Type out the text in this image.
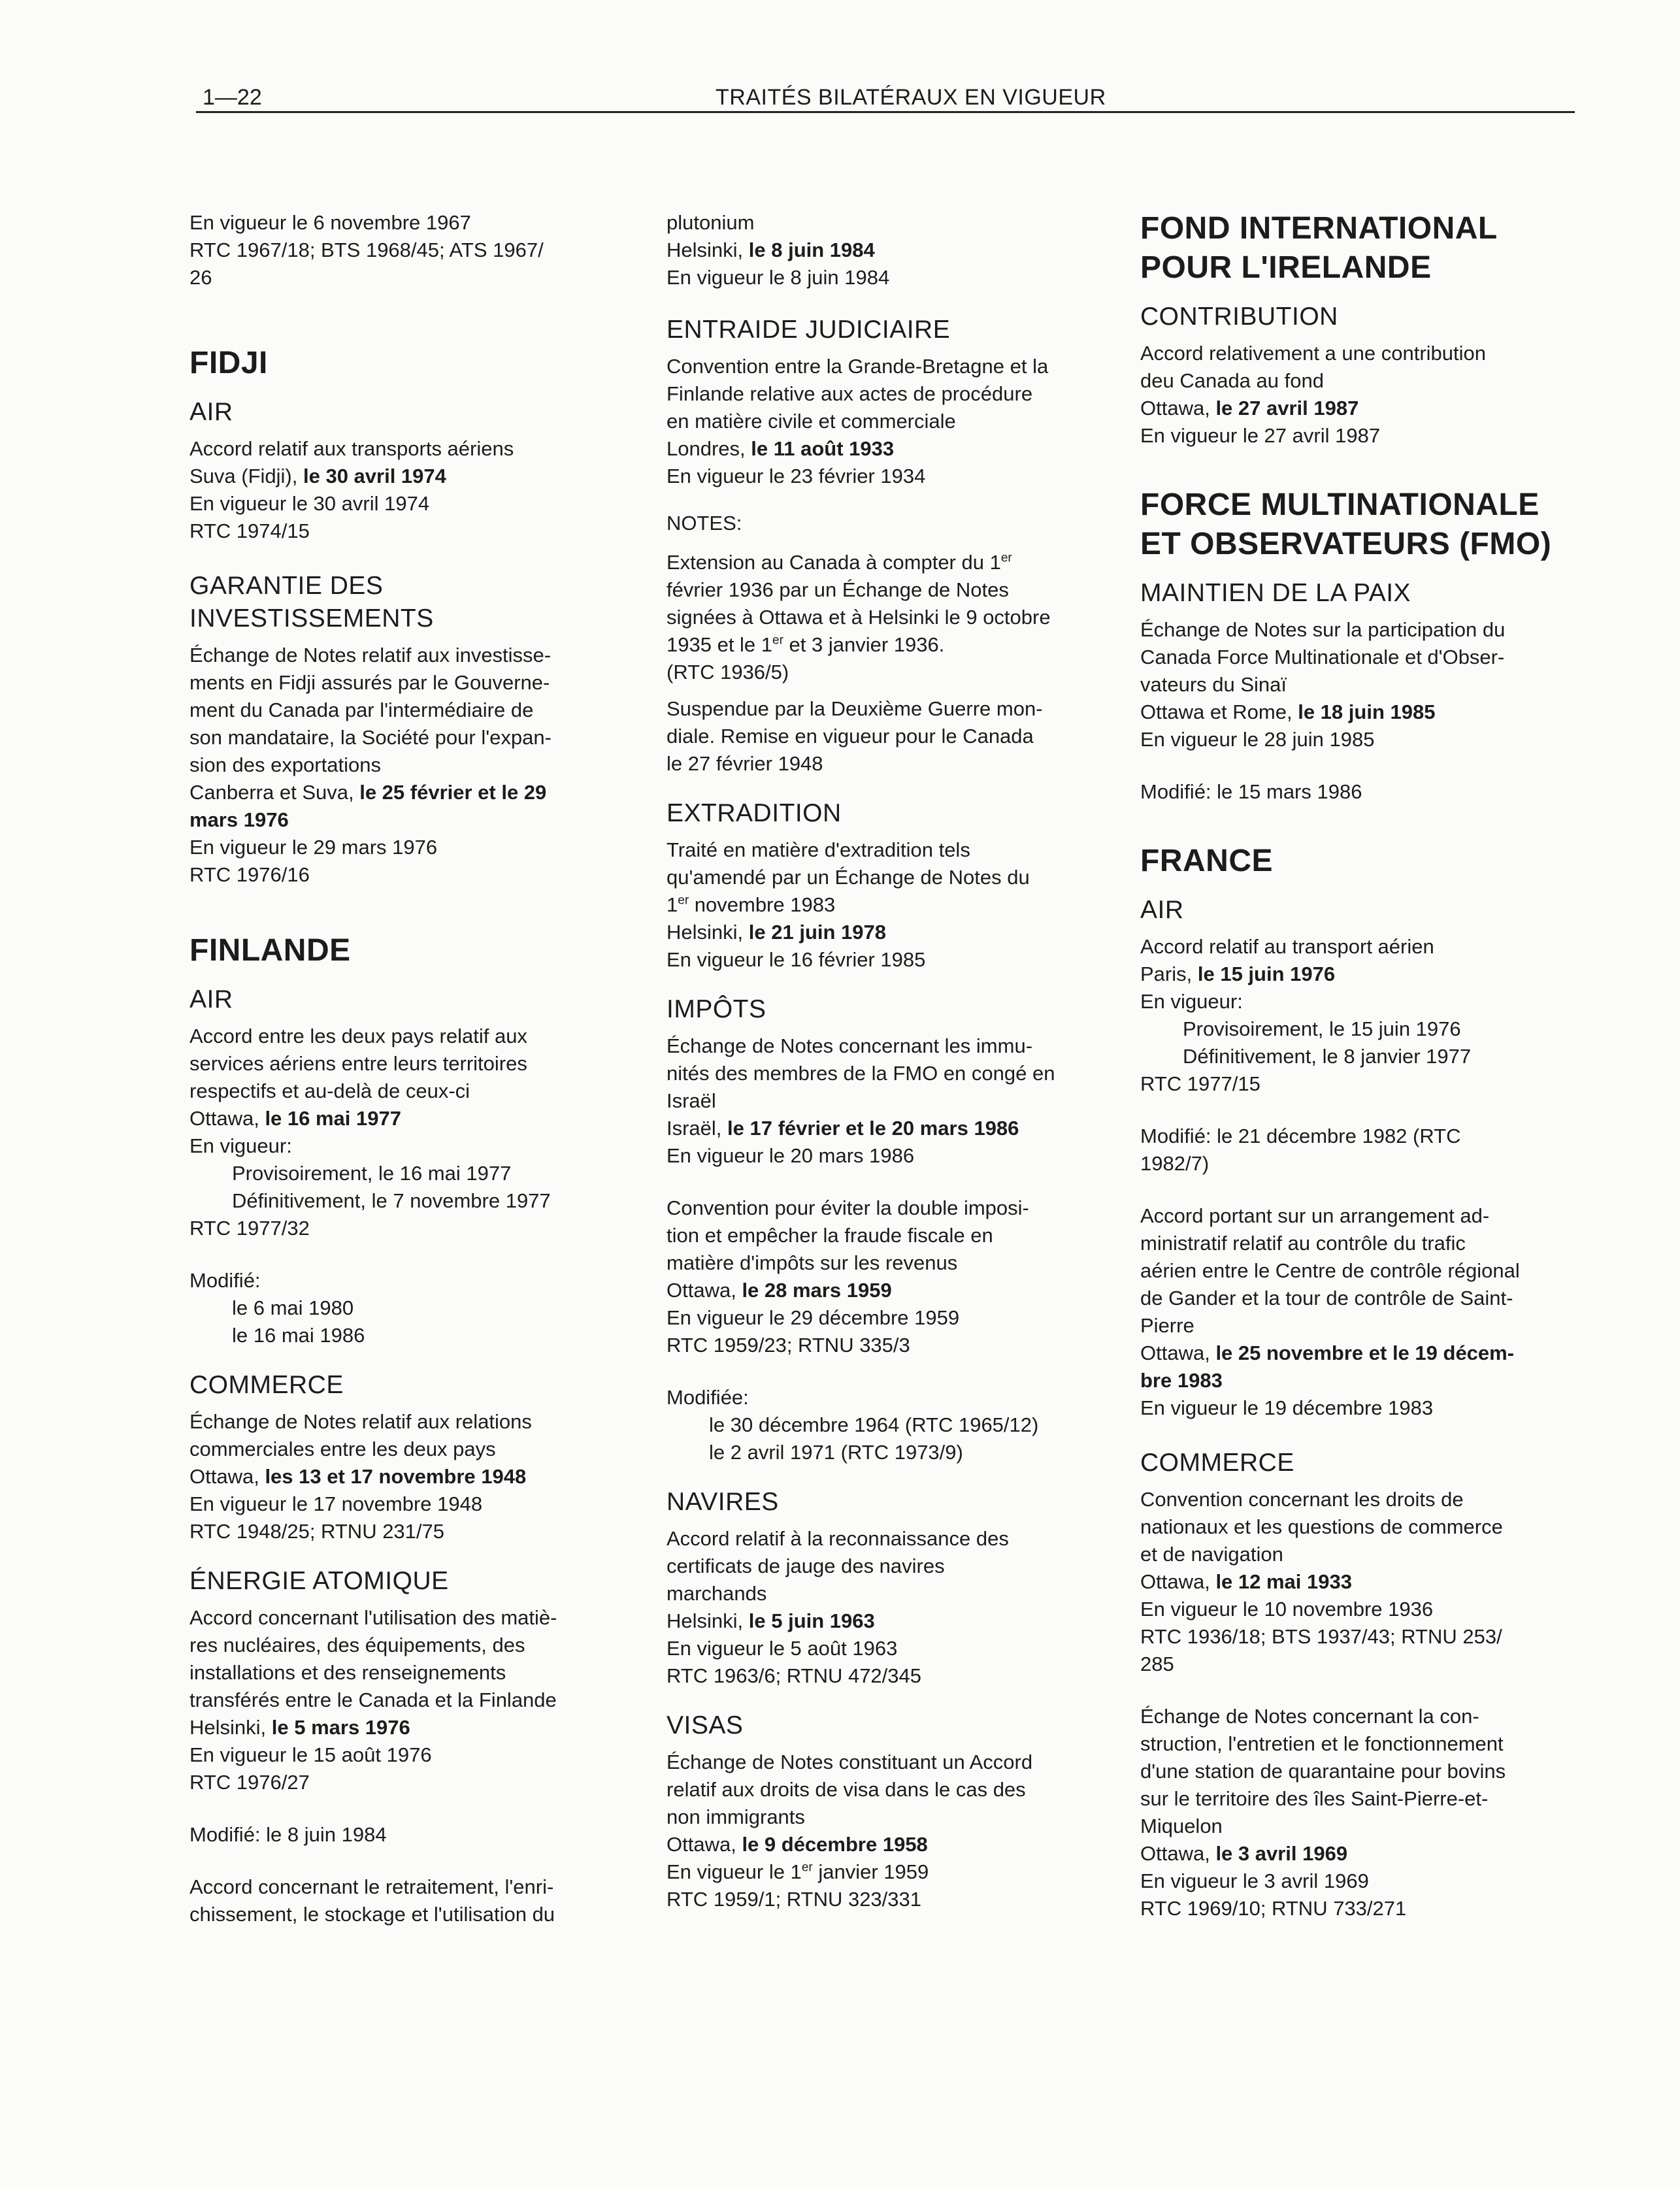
1—22	TRAITÉS BILATÉRAUX EN VIGUEUR
En vigueur le 6 novembre 1967
RTC 1967/18; BTS 1968/45; ATS 1967/
26
FIDJI
AIR
Accord relatif aux transports aériens
Suva (Fidji), le 30 avril 1974
En vigueur le 30 avril 1974
RTC 1974/15
GARANTIE DES
INVESTISSEMENTS
Échange de Notes relatif aux investisse-
ments en Fidji assurés par le Gouverne-
ment du Canada par l'intermédiaire de
son mandataire, la Société pour l'expan-
sion des exportations
Canberra et Suva, le 25 février et le 29
mars 1976
En vigueur le 29 mars 1976
RTC 1976/16
FINLANDE
AIR
Accord entre les deux pays relatif aux
services aériens entre leurs territoires
respectifs et au-delà de ceux-ci
Ottawa, le 16 mai 1977
En vigueur:
Provisoirement, le 16 mai 1977
Définitivement, le 7 novembre 1977
RTC 1977/32
Modifié:
le 6 mai 1980
le 16 mai 1986
COMMERCE
Échange de Notes relatif aux relations
commerciales entre les deux pays
Ottawa, les 13 et 17 novembre 1948
En vigueur le 17 novembre 1948
RTC 1948/25; RTNU 231/75
ÉNERGIE ATOMIQUE
Accord concernant l'utilisation des matiè-
res nucléaires, des équipements, des
installations et des renseignements
transférés entre le Canada et la Finlande
Helsinki, le 5 mars 1976
En vigueur le 15 août 1976
RTC 1976/27
Modifié: le 8 juin 1984
Accord concernant le retraitement, l'enri-
chissement, le stockage et l'utilisation du
plutonium
Helsinki, le 8 juin 1984
En vigueur le 8 juin 1984
ENTRAIDE JUDICIAIRE
Convention entre la Grande-Bretagne et la
Finlande relative aux actes de procédure
en matière civile et commerciale
Londres, le 11 août 1933
En vigueur le 23 février 1934
NOTES:
Extension au Canada à compter du 1er
février 1936 par un Échange de Notes
signées à Ottawa et à Helsinki le 9 octobre
1935 et le 1er et 3 janvier 1936.
(RTC 1936/5)
Suspendue par la Deuxième Guerre mon-
diale. Remise en vigueur pour le Canada
le 27 février 1948
EXTRADITION
Traité en matière d'extradition tels
qu'amendé par un Échange de Notes du
1er novembre 1983
Helsinki, le 21 juin 1978
En vigueur le 16 février 1985
IMPÔTS
Échange de Notes concernant les immu-
nités des membres de la FMO en congé en
Israël
Israël, le 17 février et le 20 mars 1986
En vigueur le 20 mars 1986
Convention pour éviter la double imposi-
tion et empêcher la fraude fiscale en
matière d'impôts sur les revenus
Ottawa, le 28 mars 1959
En vigueur le 29 décembre 1959
RTC 1959/23; RTNU 335/3
Modifiée:
le 30 décembre 1964 (RTC 1965/12)
le 2 avril 1971 (RTC 1973/9)
NAVIRES
Accord relatif à la reconnaissance des
certificats de jauge des navires
marchands
Helsinki, le 5 juin 1963
En vigueur le 5 août 1963
RTC 1963/6; RTNU 472/345
VISAS
Échange de Notes constituant un Accord
relatif aux droits de visa dans le cas des
non immigrants
Ottawa, le 9 décembre 1958
En vigueur le 1er janvier 1959
RTC 1959/1; RTNU 323/331
FOND INTERNATIONAL
POUR L'IRELANDE
CONTRIBUTION
Accord relativement a une contribution
deu Canada au fond
Ottawa, le 27 avril 1987
En vigueur le 27 avril 1987
FORCE MULTINATIONALE
ET OBSERVATEURS (FMO)
MAINTIEN DE LA PAIX
Échange de Notes sur la participation du
Canada Force Multinationale et d'Obser-
vateurs du Sinaï
Ottawa et Rome, le 18 juin 1985
En vigueur le 28 juin 1985
Modifié: le 15 mars 1986
FRANCE
AIR
Accord relatif au transport aérien
Paris, le 15 juin 1976
En vigueur:
Provisoirement, le 15 juin 1976
Définitivement, le 8 janvier 1977
RTC 1977/15
Modifié: le 21 décembre 1982 (RTC
1982/7)
Accord portant sur un arrangement ad-
ministratif relatif au contrôle du trafic
aérien entre le Centre de contrôle régional
de Gander et la tour de contrôle de Saint-
Pierre
Ottawa, le 25 novembre et le 19 décem-
bre 1983
En vigueur le 19 décembre 1983
COMMERCE
Convention concernant les droits de
nationaux et les questions de commerce
et de navigation
Ottawa, le 12 mai 1933
En vigueur le 10 novembre 1936
RTC 1936/18; BTS 1937/43; RTNU 253/
285
Échange de Notes concernant la con-
struction, l'entretien et le fonctionnement
d'une station de quarantaine pour bovins
sur le territoire des îles Saint-Pierre-et-
Miquelon
Ottawa, le 3 avril 1969
En vigueur le 3 avril 1969
RTC 1969/10; RTNU 733/271
